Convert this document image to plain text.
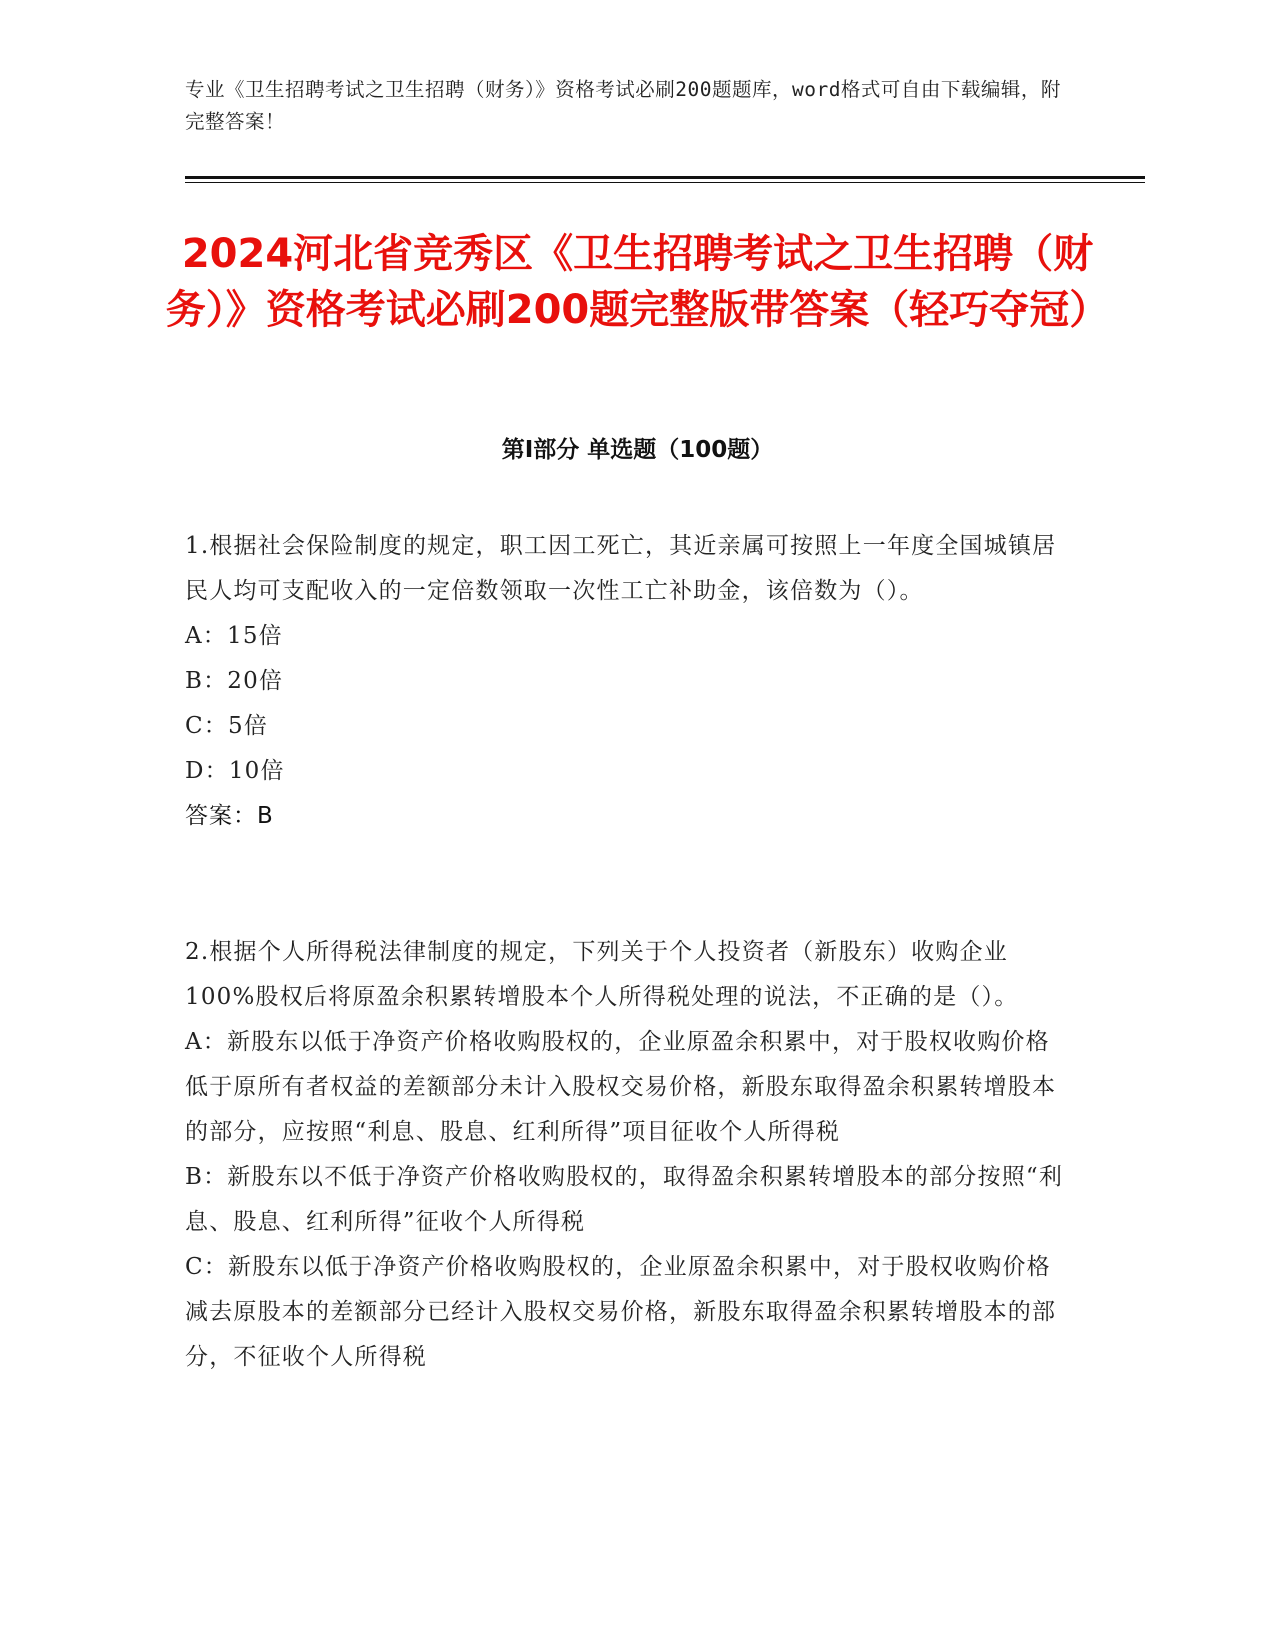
专业《卫生招聘考试之卫生招聘（财务）》资格考试必刷200题题库，word格式可自由下载编辑，附完整答案！
2024河北省竞秀区《卫生招聘考试之卫生招聘（财务）》资格考试必刷200题完整版带答案（轻巧夺冠）
第I部分 单选题（100题）
1.根据社会保险制度的规定，职工因工死亡，其近亲属可按照上一年度全国城镇居民人均可支配收入的一定倍数领取一次性工亡补助金，该倍数为（）。
A：15倍
B：20倍
C：5倍
D：10倍
答案：B
2.根据个人所得税法律制度的规定，下列关于个人投资者（新股东）收购企业100%股权后将原盈余积累转增股本个人所得税处理的说法，不正确的是（）。
A：新股东以低于净资产价格收购股权的，企业原盈余积累中，对于股权收购价格低于原所有者权益的差额部分未计入股权交易价格，新股东取得盈余积累转增股本的部分，应按照“利息、股息、红利所得”项目征收个人所得税
B：新股东以不低于净资产价格收购股权的，取得盈余积累转增股本的部分按照“利息、股息、红利所得”征收个人所得税
C：新股东以低于净资产价格收购股权的，企业原盈余积累中，对于股权收购价格减去原股本的差额部分已经计入股权交易价格，新股东取得盈余积累转增股本的部分，不征收个人所得税
